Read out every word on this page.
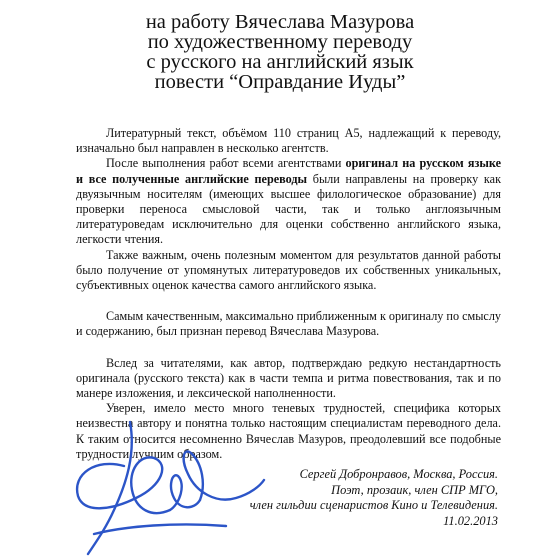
на работу Вячеслава Мазурова
по художественному переводу
с русского на английский язык
повести “Оправдание Иуды”

Литературный текст, объёмом 110 страниц А5, надлежащий к переводу, изначально был направлен в несколько агентств.

После выполнения работ всеми агентствами оригинал на русском языке и все полученные английские переводы были направлены на проверку как двуязычным носителям (имеющих высшее филологическое образование) для проверки переноса смысловой части, так и только англоязычным литературоведам исключительно для оценки собственно английского языка, легкости чтения.

Также важным, очень полезным моментом для результатов данной работы было получение от упомянутых литературоведов их собственных уникальных, субъективных оценок качества самого английского языка.

Самым качественным, максимально приближенным к оригиналу по смыслу и содержанию, был признан перевод Вячеслава Мазурова.

Вслед за читателями, как автор, подтверждаю редкую нестандартность оригинала (русского текста) как в части темпа и ритма повествования, так и по манере изложения, и лексической наполненности.

Уверен, имело место много теневых трудностей, специфика которых неизвестна автору и понятна только настоящим специалистам переводного дела. К таким относится несомненно Вячеслав Мазуров, преодолевший все подобные трудности лучшим образом.

Сергей Добронравов, Москва, Россия.
Поэт, прозаик, член СПР МГО,
член гильдии сценаристов Кино и Телевидения.
11.02.2013
